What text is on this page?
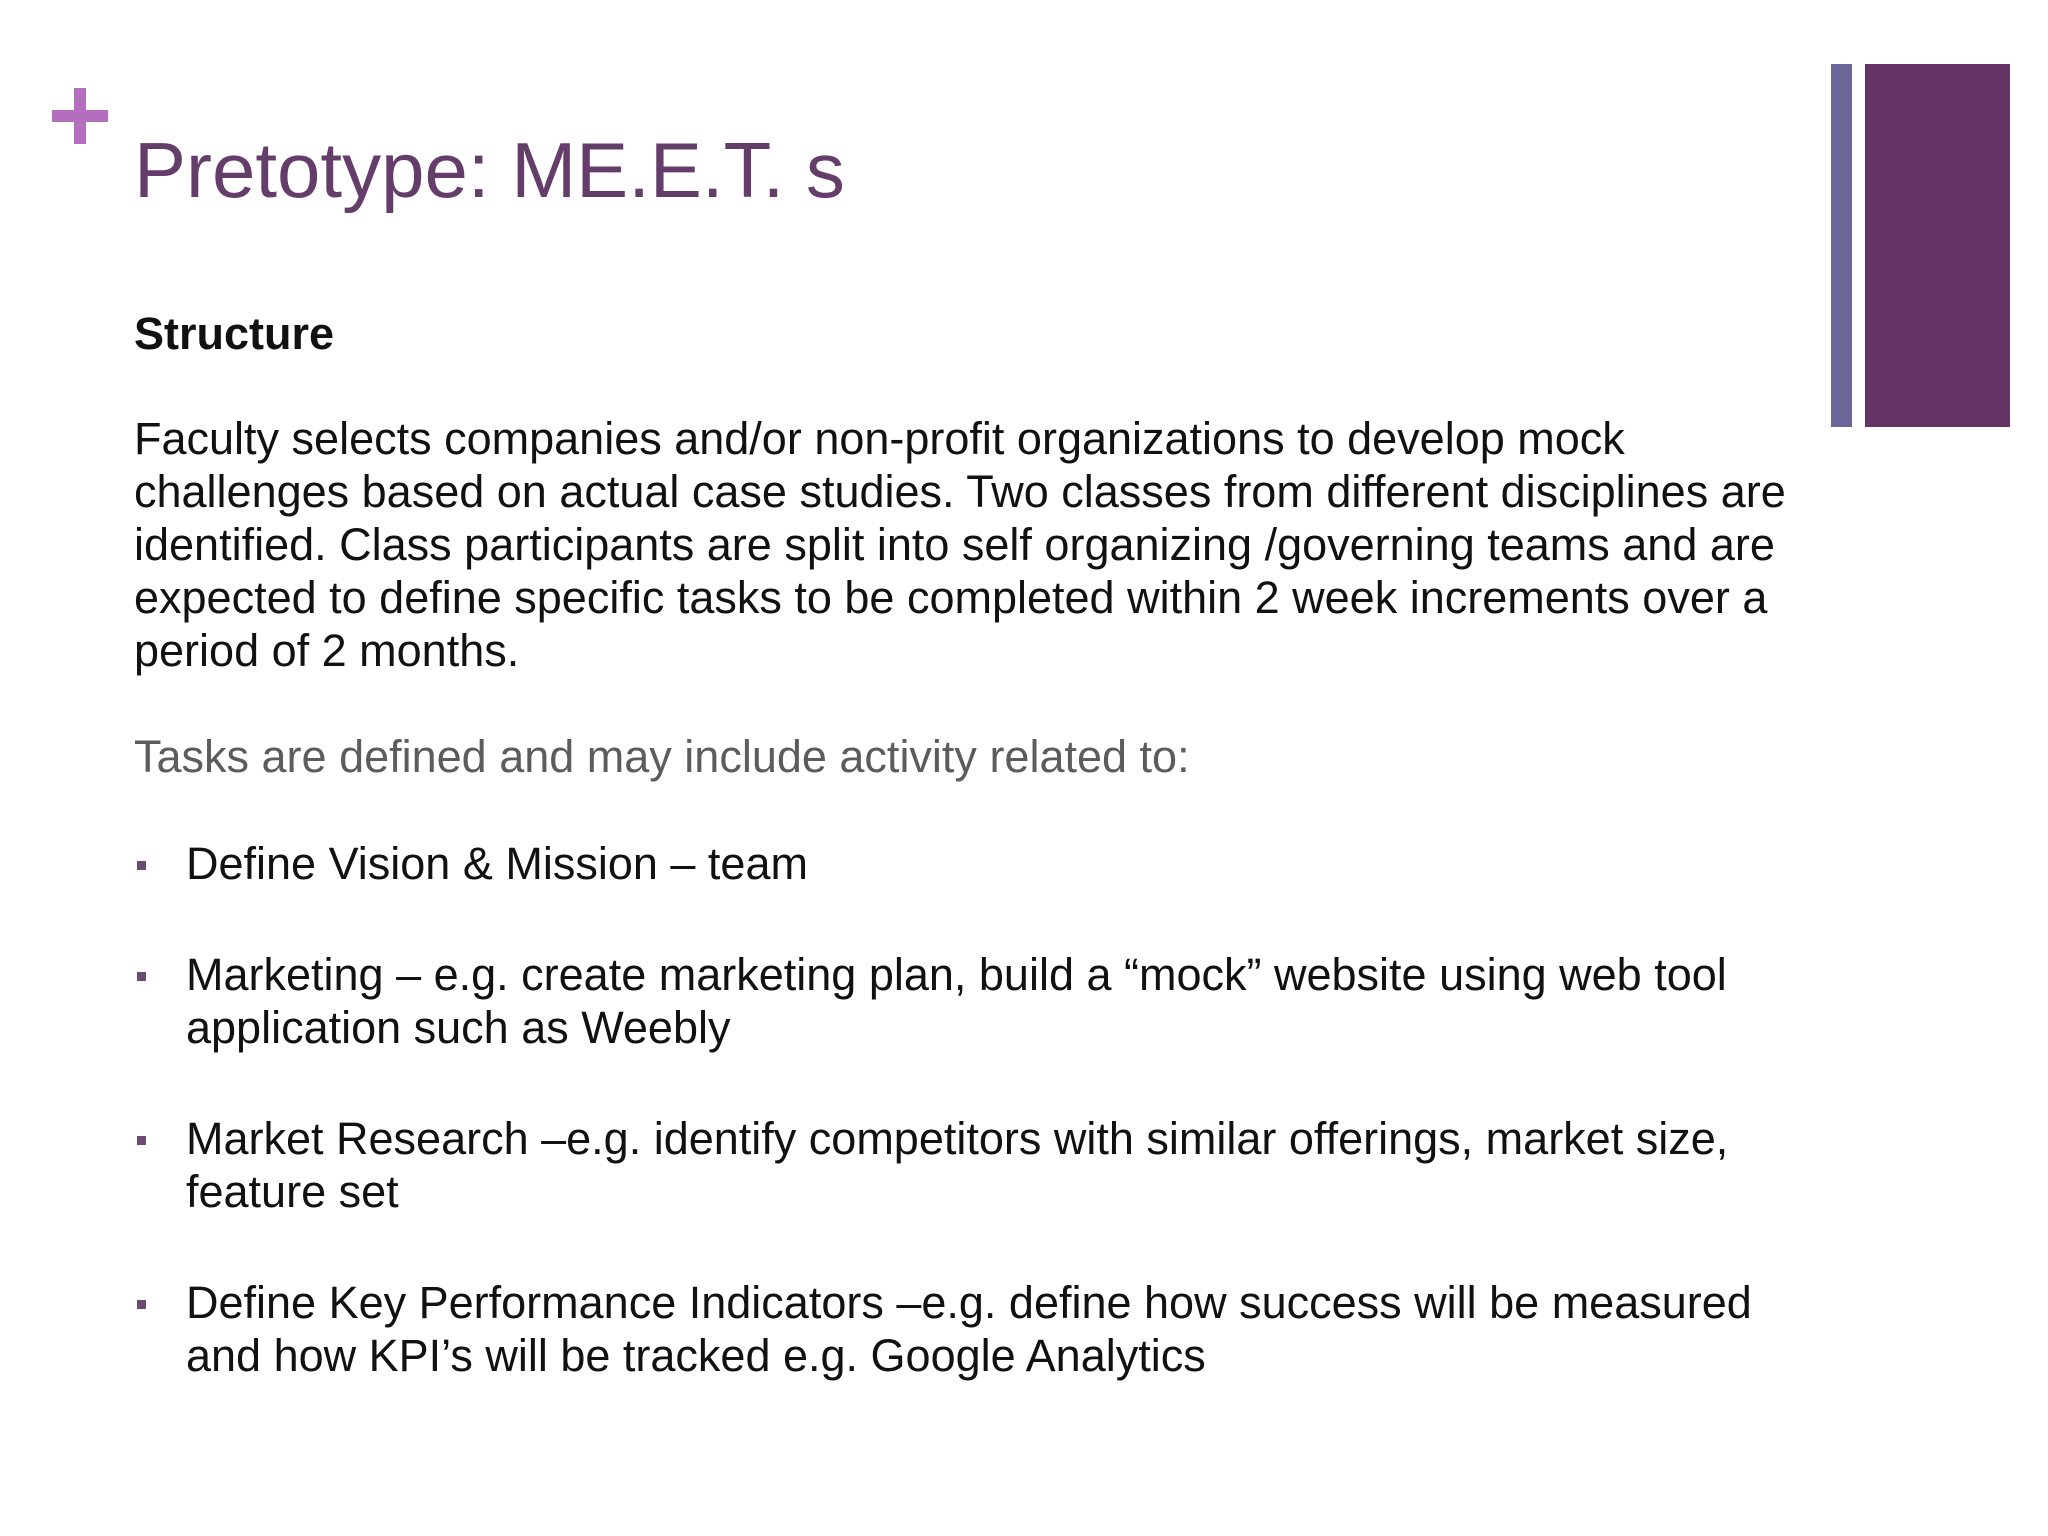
Pretotype: ME.E.T. s
Structure

Faculty selects companies and/or non-profit organizations to develop mock challenges based on actual case studies. Two classes from different disciplines are identified. Class participants are split into self organizing /governing teams and are expected to define specific tasks to be completed within 2 week increments over a period of 2 months.

Tasks are defined and may include activity related to:

Define Vision & Mission – team
Marketing – e.g. create marketing plan, build a “mock” website using web tool application such as Weebly
Market Research –e.g. identify competitors with similar offerings, market size, feature set
Define Key Performance Indicators –e.g. define how success will be measured and how KPI’s will be tracked e.g. Google Analytics
